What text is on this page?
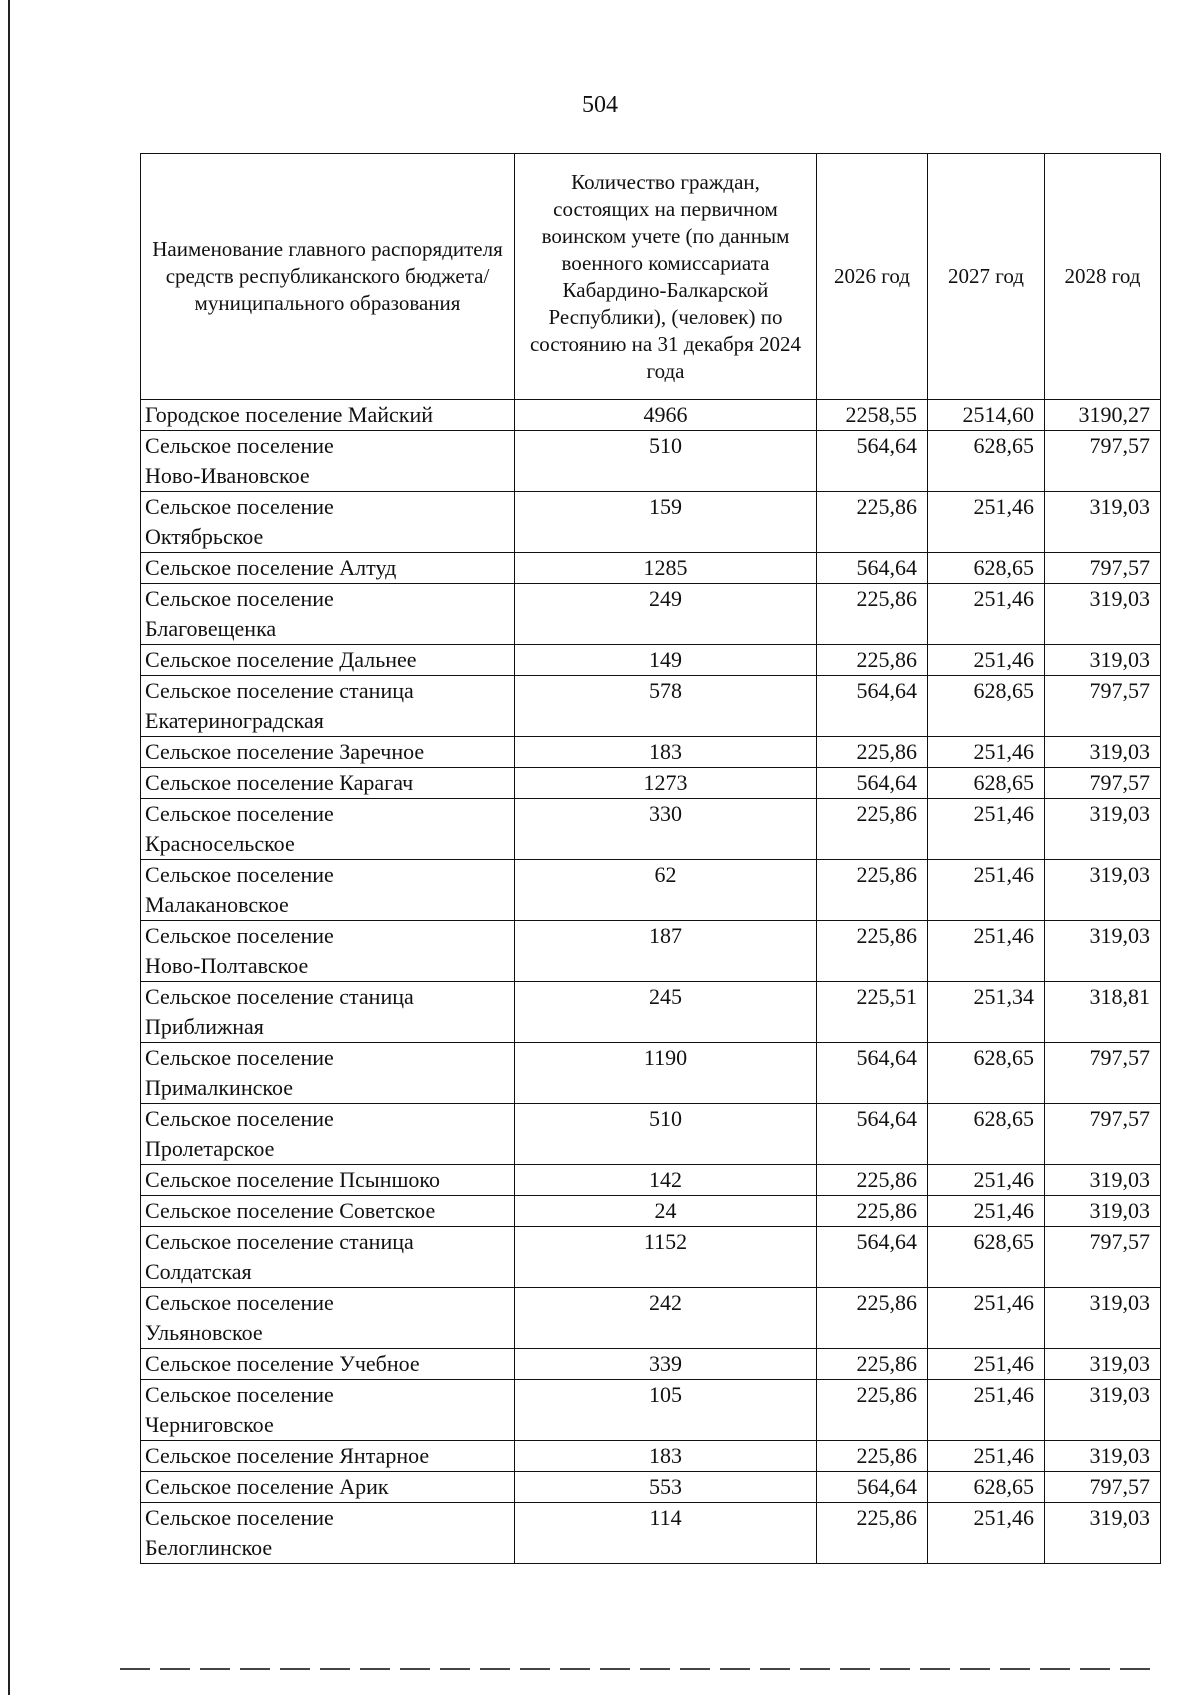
504
Наименование главного распорядителя средств республиканского бюджета/муниципального образования	Количество граждан, состоящих на первичном воинском учете (по данным военного комиссариата Кабардино-Балкарской Республики), (человек) по состоянию на 31 декабря 2024 года	2026 год	2027 год	2028 год

Городское поселение Майский	4966	2258,55	2514,60	3190,27

Сельское поселение
Ново-Ивановское	510	564,64	628,65	797,57

Сельское поселение
Октябрьское	159	225,86	251,46	319,03

Сельское поселение Алтуд	1285	564,64	628,65	797,57

Сельское поселение
Благовещенка	249	225,86	251,46	319,03

Сельское поселение Дальнее	149	225,86	251,46	319,03

Сельское поселение станица
Екатериноградская	578	564,64	628,65	797,57

Сельское поселение Заречное	183	225,86	251,46	319,03

Сельское поселение Карагач	1273	564,64	628,65	797,57

Сельское поселение
Красносельское	330	225,86	251,46	319,03

Сельское поселение
Малакановское	62	225,86	251,46	319,03

Сельское поселение
Ново-Полтавское	187	225,86	251,46	319,03

Сельское поселение станица
Приближная	245	225,51	251,34	318,81

Сельское поселение
Прималкинское	1190	564,64	628,65	797,57

Сельское поселение
Пролетарское	510	564,64	628,65	797,57

Сельское поселение Псыншоко	142	225,86	251,46	319,03

Сельское поселение Советское	24	225,86	251,46	319,03

Сельское поселение станица
Солдатская	1152	564,64	628,65	797,57

Сельское поселение
Ульяновское	242	225,86	251,46	319,03

Сельское поселение Учебное	339	225,86	251,46	319,03

Сельское поселение
Черниговское	105	225,86	251,46	319,03

Сельское поселение Янтарное	183	225,86	251,46	319,03

Сельское поселение Арик	553	564,64	628,65	797,57

Сельское поселение
Белоглинское	114	225,86	251,46	319,03
